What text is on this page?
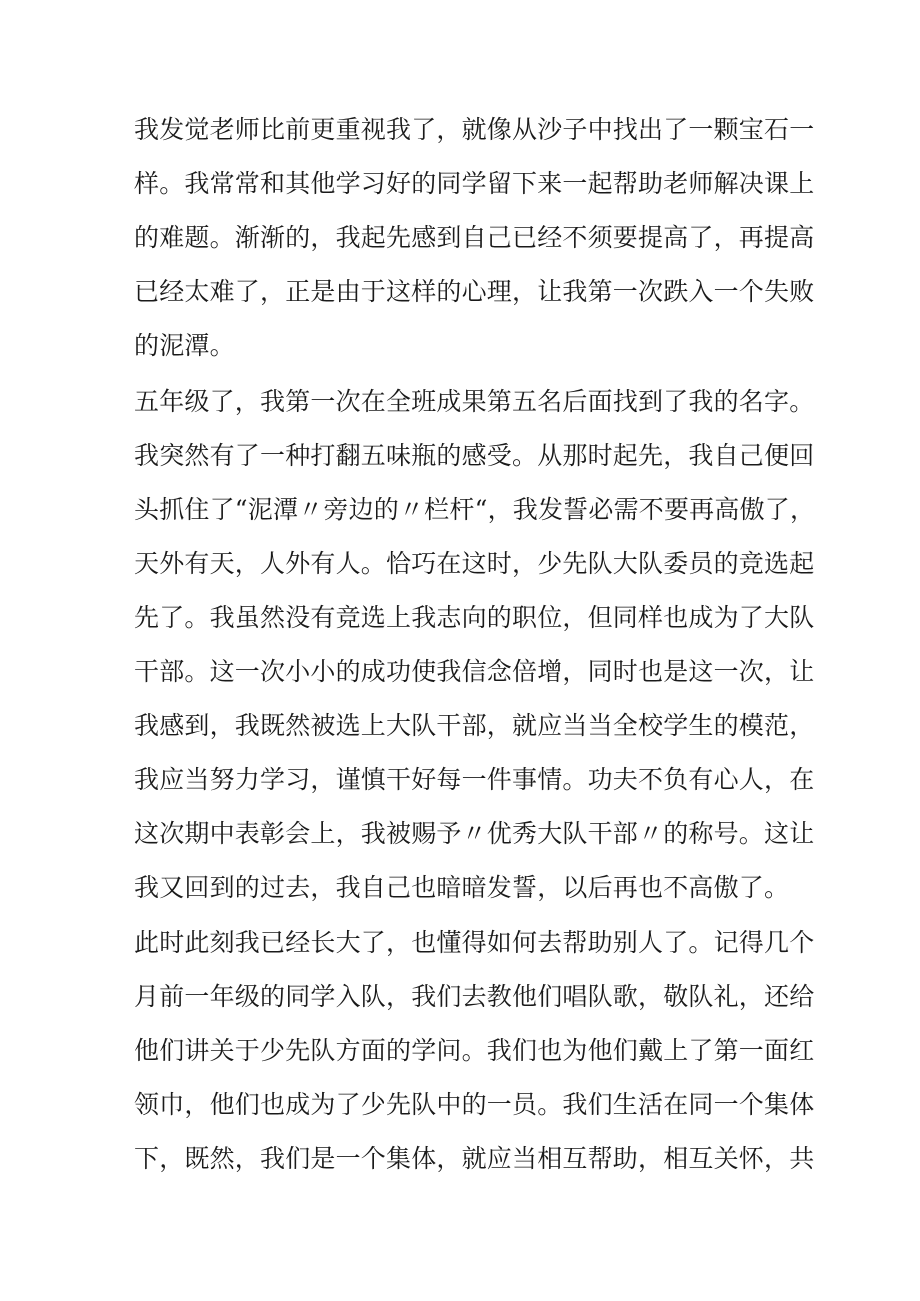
我发觉老师比前更重视我了，就像从沙子中找出了一颗宝石一
样。我常常和其他学习好的同学留下来一起帮助老师解决课上
的难题。渐渐的，我起先感到自己已经不须要提高了，再提高
已经太难了，正是由于这样的心理，让我第一次跌入一个失败
的泥潭。
五年级了，我第一次在全班成果第五名后面找到了我的名字。
我突然有了一种打翻五味瓶的感受。从那时起先，我自己便回
头抓住了“泥潭〃旁边的〃栏杆“，我发誓必需不要再高傲了，
天外有天，人外有人。恰巧在这时，少先队大队委员的竞选起
先了。我虽然没有竞选上我志向的职位，但同样也成为了大队
干部。这一次小小的成功使我信念倍增，同时也是这一次，让
我感到，我既然被选上大队干部，就应当当全校学生的模范，
我应当努力学习，谨慎干好每一件事情。功夫不负有心人，在
这次期中表彰会上，我被赐予〃优秀大队干部〃的称号。这让
我又回到的过去，我自己也暗暗发誓，以后再也不高傲了。
此时此刻我已经长大了，也懂得如何去帮助别人了。记得几个
月前一年级的同学入队，我们去教他们唱队歌，敬队礼，还给
他们讲关于少先队方面的学问。我们也为他们戴上了第一面红
领巾，他们也成为了少先队中的一员。我们生活在同一个集体
下，既然，我们是一个集体，就应当相互帮助，相互关怀，共
